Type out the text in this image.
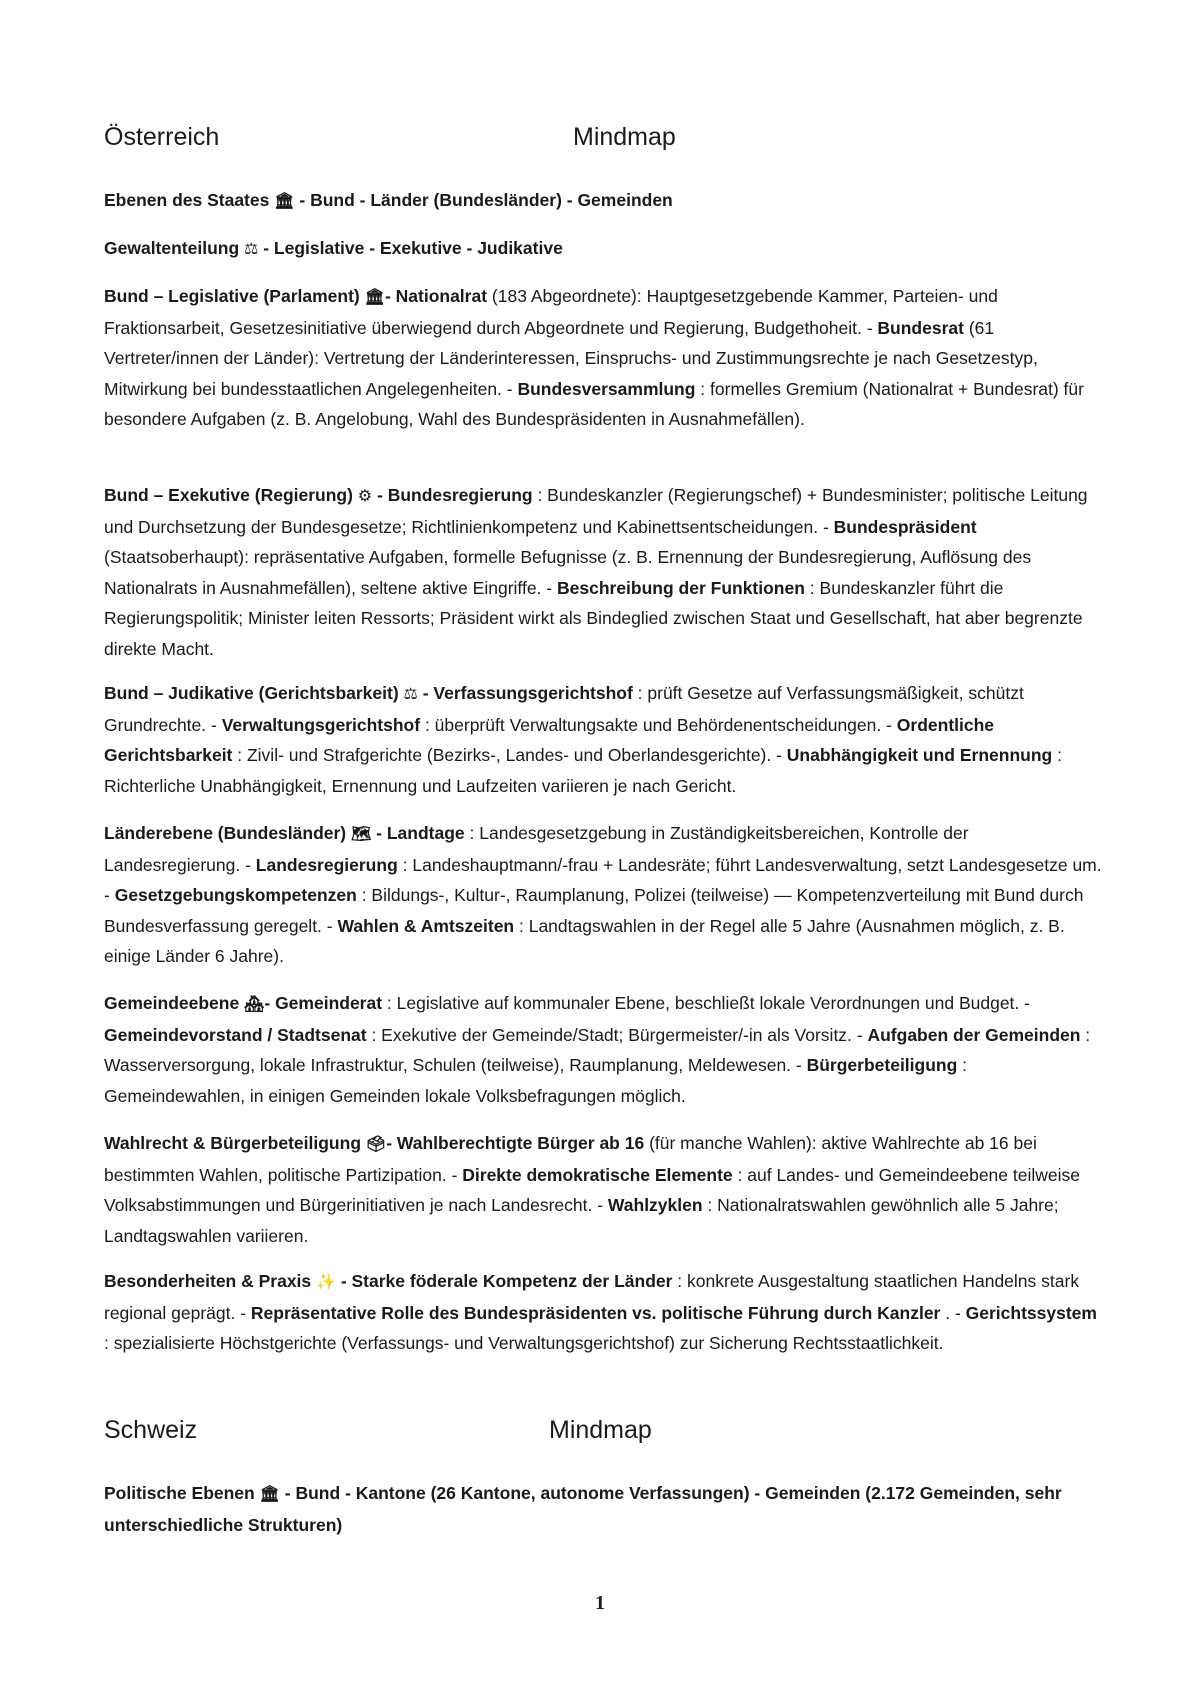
Österreich	Mindmap
Ebenen des Staates 🏛 - Bund - Länder (Bundesländer) - Gemeinden
Gewaltenteilung ⚖ - Legislative - Exekutive - Judikative
Bund – Legislative (Parlament) 🏛- Nationalrat (183 Abgeordnete): Hauptgesetzgebende Kammer, Parteien- und Fraktionsarbeit, Gesetzesinitiative überwiegend durch Abgeordnete und Regierung, Budgethoheit. - Bundesrat (61 Vertreter/innen der Länder): Vertretung der Länderinteressen, Einspruchs- und Zustimmungsrechte je nach Gesetzestyp, Mitwirkung bei bundesstaatlichen Angelegenheiten. - Bundesversammlung : formelles Gremium (Nationalrat + Bundesrat) für besondere Aufgaben (z. B. Angelobung, Wahl des Bundespräsidenten in Ausnahmefällen).
Bund – Exekutive (Regierung) ⚙ - Bundesregierung : Bundeskanzler (Regierungschef) + Bundesminister; politische Leitung und Durchsetzung der Bundesgesetze; Richtlinienkompetenz und Kabinettsentscheidungen. - Bundespräsident (Staatsoberhaupt): repräsentative Aufgaben, formelle Befugnisse (z. B. Ernennung der Bundesregierung, Auflösung des Nationalrats in Ausnahmefällen), seltene aktive Eingriffe. - Beschreibung der Funktionen : Bundeskanzler führt die Regierungspolitik; Minister leiten Ressorts; Präsident wirkt als Bindeglied zwischen Staat und Gesellschaft, hat aber begrenzte direkte Macht.
Bund – Judikative (Gerichtsbarkeit) ⚖ - Verfassungsgerichtshof : prüft Gesetze auf Verfassungsmäßigkeit, schützt Grundrechte. - Verwaltungsgerichtshof : überprüft Verwaltungsakte und Behördenentscheidungen. - Ordentliche Gerichtsbarkeit : Zivil- und Strafgerichte (Bezirks-, Landes- und Oberlandesgerichte). - Unabhängigkeit und Ernennung : Richterliche Unabhängigkeit, Ernennung und Laufzeiten variieren je nach Gericht.
Länderebene (Bundesländer) 🗺 - Landtage : Landesgesetzgebung in Zuständigkeitsbereichen, Kontrolle der Landesregierung. - Landesregierung : Landeshauptmann/-frau + Landesräte; führt Landesverwaltung, setzt Landesgesetze um. - Gesetzgebungskompetenzen : Bildungs-, Kultur-, Raumplanung, Polizei (teilweise) — Kompetenzverteilung mit Bund durch Bundesverfassung geregelt. - Wahlen & Amtszeiten : Landtagswahlen in der Regel alle 5 Jahre (Ausnahmen möglich, z. B. einige Länder 6 Jahre).
Gemeindeebene 🏘- Gemeinderat : Legislative auf kommunaler Ebene, beschließt lokale Verordnungen und Budget. - Gemeindevorstand / Stadtsenat : Exekutive der Gemeinde/Stadt; Bürgermeister/-in als Vorsitz. - Aufgaben der Gemeinden : Wasserversorgung, lokale Infrastruktur, Schulen (teilweise), Raumplanung, Meldewesen. - Bürgerbeteiligung : Gemeindewahlen, in einigen Gemeinden lokale Volksbefragungen möglich.
Wahlrecht & Bürgerbeteiligung 🗳- Wahlberechtigte Bürger ab 16 (für manche Wahlen): aktive Wahlrechte ab 16 bei bestimmten Wahlen, politische Partizipation. - Direkte demokratische Elemente : auf Landes- und Gemeindeebene teilweise Volksabstimmungen und Bürgerinitiativen je nach Landesrecht. - Wahlzyklen : Nationalratswahlen gewöhnlich alle 5 Jahre; Landtagswahlen variieren.
Besonderheiten & Praxis ✨ - Starke föderale Kompetenz der Länder : konkrete Ausgestaltung staatlichen Handelns stark regional geprägt. - Repräsentative Rolle des Bundespräsidenten vs. politische Führung durch Kanzler . - Gerichtssystem : spezialisierte Höchstgerichte (Verfassungs- und Verwaltungsgerichtshof) zur Sicherung Rechtsstaatlichkeit.
Schweiz	Mindmap
Politische Ebenen 🏛 - Bund - Kantone (26 Kantone, autonome Verfassungen) - Gemeinden (2.172 Gemeinden, sehr unterschiedliche Strukturen)
1
